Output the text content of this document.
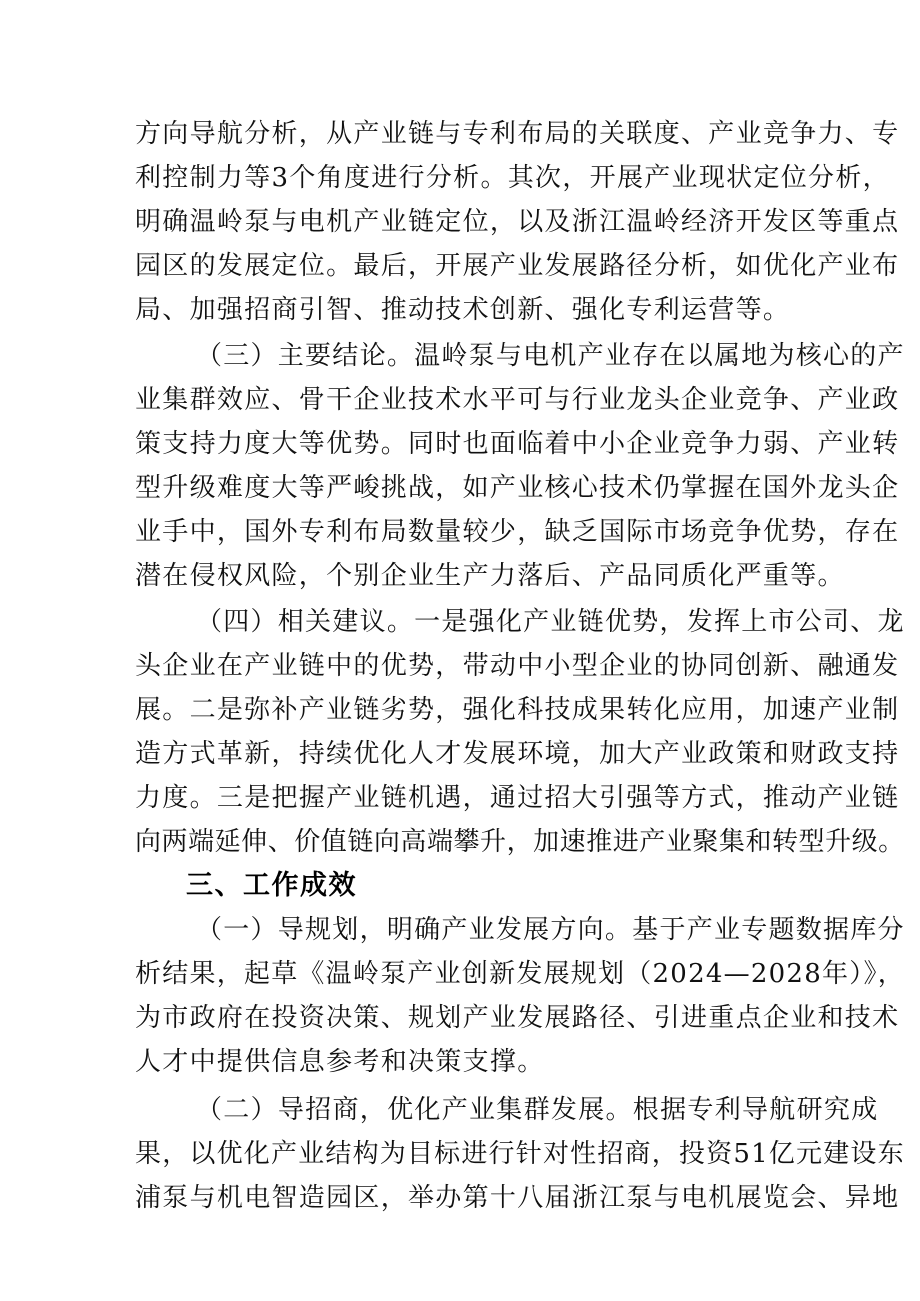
方向导航分析，从产业链与专利布局的关联度、产业竞争力、专
利控制力等3个角度进行分析。其次，开展产业现状定位分析，
明确温岭泵与电机产业链定位，以及浙江温岭经济开发区等重点
园区的发展定位。最后，开展产业发展路径分析，如优化产业布
局、加强招商引智、推动技术创新、强化专利运营等。
（三）主要结论。温岭泵与电机产业存在以属地为核心的产
业集群效应、骨干企业技术水平可与行业龙头企业竞争、产业政
策支持力度大等优势。同时也面临着中小企业竞争力弱、产业转
型升级难度大等严峻挑战，如产业核心技术仍掌握在国外龙头企
业手中，国外专利布局数量较少，缺乏国际市场竞争优势，存在
潜在侵权风险，个别企业生产力落后、产品同质化严重等。
（四）相关建议。一是强化产业链优势，发挥上市公司、龙
头企业在产业链中的优势，带动中小型企业的协同创新、融通发
展。二是弥补产业链劣势，强化科技成果转化应用，加速产业制
造方式革新，持续优化人才发展环境，加大产业政策和财政支持
力度。三是把握产业链机遇，通过招大引强等方式，推动产业链
向两端延伸、价值链向高端攀升，加速推进产业聚集和转型升级。
三、工作成效
（一）导规划，明确产业发展方向。基于产业专题数据库分
析结果，起草《温岭泵产业创新发展规划（2024—2028年）》，
为市政府在投资决策、规划产业发展路径、引进重点企业和技术
人才中提供信息参考和决策支撑。
（二）导招商，优化产业集群发展。根据专利导航研究成
果，以优化产业结构为目标进行针对性招商，投资51亿元建设东
浦泵与机电智造园区，举办第十八届浙江泵与电机展览会、异地
